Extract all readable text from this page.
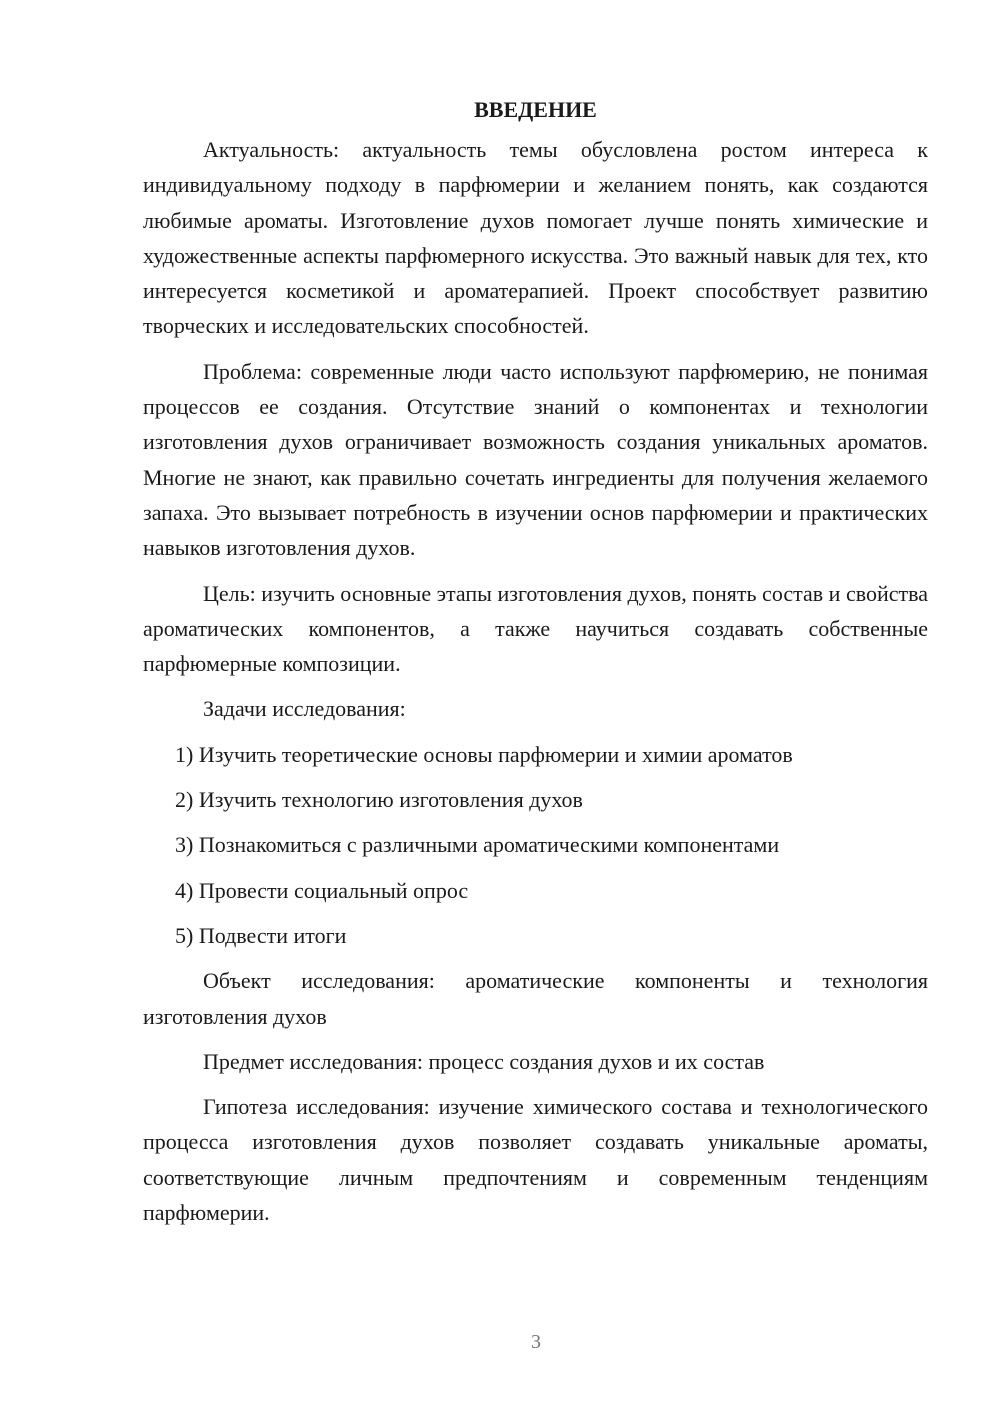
ВВЕДЕНИЕ

Актуальность: актуальность темы обусловлена ростом интереса к индивидуальному подходу в парфюмерии и желанием понять, как создаются любимые ароматы. Изготовление духов помогает лучше понять химические и художественные аспекты парфюмерного искусства. Это важный навык для тех, кто интересуется косметикой и ароматерапией. Проект способствует развитию творческих и исследовательских способностей.

Проблема: современные люди часто используют парфюмерию, не понимая процессов ее создания. Отсутствие знаний о компонентах и технологии изготовления духов ограничивает возможность создания уникальных ароматов. Многие не знают, как правильно сочетать ингредиенты для получения желаемого запаха. Это вызывает потребность в изучении основ парфюмерии и практических навыков изготовления духов.

Цель: изучить основные этапы изготовления духов, понять состав и свойства ароматических компонентов, а также научиться создавать собственные парфюмерные композиции.

Задачи исследования:

1) Изучить теоретические основы парфюмерии и химии ароматов
2) Изучить технологию изготовления духов
3) Познакомиться с различными ароматическими компонентами
4) Провести социальный опрос
5) Подвести итоги

Объект исследования: ароматические компоненты и технология изготовления духов

Предмет исследования: процесс создания духов и их состав

Гипотеза исследования: изучение химического состава и технологического процесса изготовления духов позволяет создавать уникальные ароматы, соответствующие личным предпочтениям и современным тенденциям парфюмерии.

3
